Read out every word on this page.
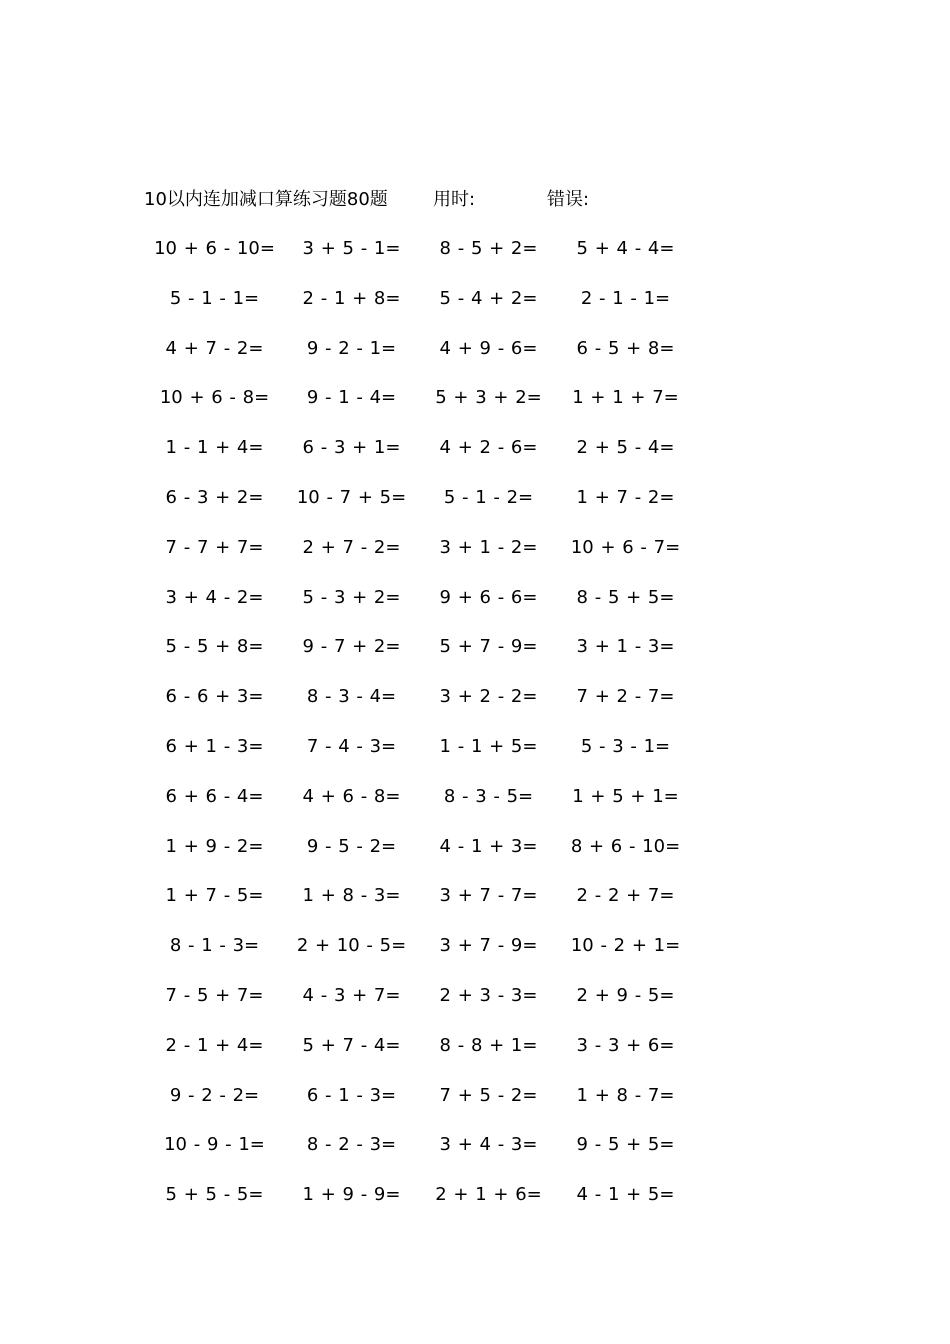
10以内连加减口算练习题80题	用时:	错误:
10 + 6 - 10=	3 + 5 - 1=	8 - 5 + 2=	5 + 4 - 4=
5 - 1 - 1=	2 - 1 + 8=	5 - 4 + 2=	2 - 1 - 1=
4 + 7 - 2=	9 - 2 - 1=	4 + 9 - 6=	6 - 5 + 8=
10 + 6 - 8=	9 - 1 - 4=	5 + 3 + 2=	1 + 1 + 7=
1 - 1 + 4=	6 - 3 + 1=	4 + 2 - 6=	2 + 5 - 4=
6 - 3 + 2=	10 - 7 + 5=	5 - 1 - 2=	1 + 7 - 2=
7 - 7 + 7=	2 + 7 - 2=	3 + 1 - 2=	10 + 6 - 7=
3 + 4 - 2=	5 - 3 + 2=	9 + 6 - 6=	8 - 5 + 5=
5 - 5 + 8=	9 - 7 + 2=	5 + 7 - 9=	3 + 1 - 3=
6 - 6 + 3=	8 - 3 - 4=	3 + 2 - 2=	7 + 2 - 7=
6 + 1 - 3=	7 - 4 - 3=	1 - 1 + 5=	5 - 3 - 1=
6 + 6 - 4=	4 + 6 - 8=	8 - 3 - 5=	1 + 5 + 1=
1 + 9 - 2=	9 - 5 - 2=	4 - 1 + 3=	8 + 6 - 10=
1 + 7 - 5=	1 + 8 - 3=	3 + 7 - 7=	2 - 2 + 7=
8 - 1 - 3=	2 + 10 - 5=	3 + 7 - 9=	10 - 2 + 1=
7 - 5 + 7=	4 - 3 + 7=	2 + 3 - 3=	2 + 9 - 5=
2 - 1 + 4=	5 + 7 - 4=	8 - 8 + 1=	3 - 3 + 6=
9 - 2 - 2=	6 - 1 - 3=	7 + 5 - 2=	1 + 8 - 7=
10 - 9 - 1=	8 - 2 - 3=	3 + 4 - 3=	9 - 5 + 5=
5 + 5 - 5=	1 + 9 - 9=	2 + 1 + 6=	4 - 1 + 5=
